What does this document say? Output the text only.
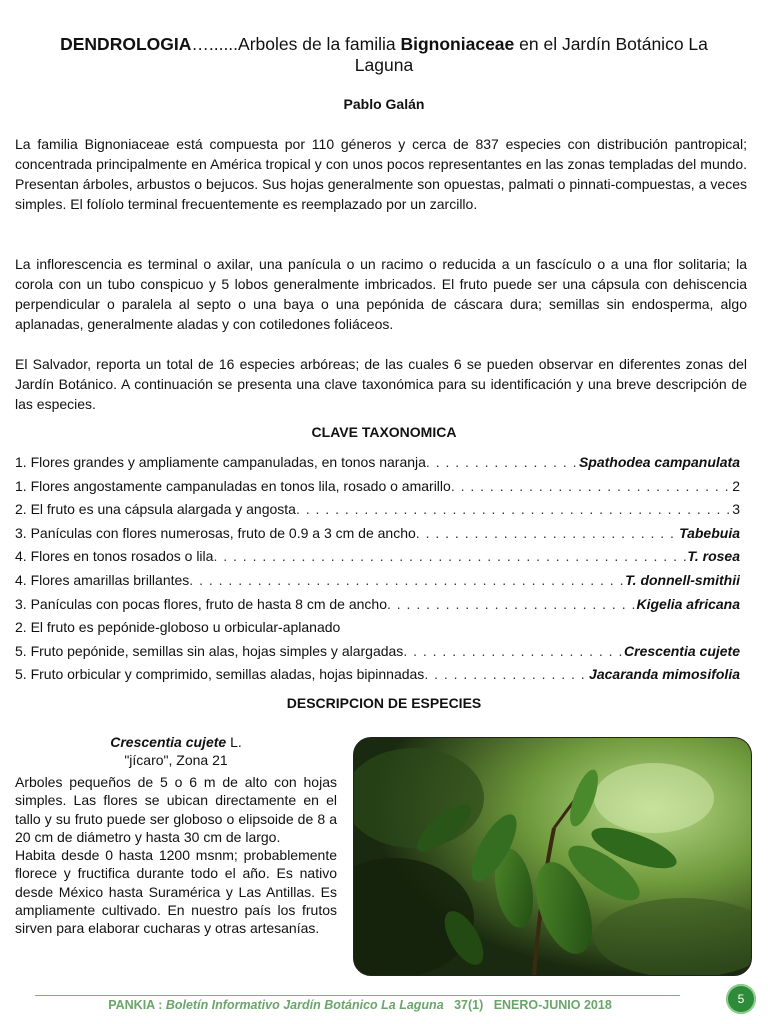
DENDROLOGIA…......Arboles de la familia Bignoniaceae en el Jardín Botánico La Laguna
Pablo Galán

La familia Bignoniaceae está compuesta por 110 géneros y cerca de 837 especies con distribución pantropical; concentrada principalmente en América tropical y con unos pocos representantes en las zonas templadas del mundo. Presentan árboles, arbustos o bejucos. Sus hojas generalmente son opuestas, palmati o pinnati-compuestas, a veces simples. El folíolo terminal frecuentemente es reemplazado por un zarcillo.

La inflorescencia es terminal o axilar, una panícula o un racimo o reducida a un fascículo o a una flor solitaria; la corola con un tubo conspicuo y 5 lobos generalmente imbricados. El fruto puede ser una cápsula con dehiscencia perpendicular o paralela al septo o una baya o una pepónida de cáscara dura; semillas sin endosperma, algo aplanadas, generalmente aladas y con cotiledones foliáceos.

El Salvador, reporta un total de 16 especies arbóreas; de las cuales 6 se pueden observar en diferentes zonas del Jardín Botánico. A continuación se presenta una clave taxonómica para su identificación y una breve descripción de las especies.

CLAVE TAXONOMICA
1. Flores grandes y ampliamente campanuladas, en tonos naranja . . .	Spathodea campanulata
1. Flores angostamente campanuladas en tonos lila, rosado o amarillo . . .	2
2. El fruto es una cápsula alargada y angosta . . .	3
3. Panículas con flores numerosas, fruto de 0.9 a 3 cm de ancho . . .	Tabebuia
4. Flores en tonos rosados o lila . . .	T. rosea
4. Flores amarillas brillantes . . .	T. donnell-smithii
3. Panículas con pocas flores, fruto de hasta 8 cm de ancho . . .	Kigelia africana
2. El fruto es pepónide-globoso u orbicular-aplanado
5. Fruto pepónide, semillas sin alas, hojas simples y alargadas . . .	Crescentia cujete
5. Fruto orbicular y comprimido, semillas aladas, hojas bipinnadas . . .	Jacaranda mimosifolia
DESCRIPCION DE ESPECIES
Crescentia cujete L.
"jícaro", Zona 21
Arboles pequeños de 5 o 6 m de alto con hojas simples. Las flores se ubican directamente en el tallo y su fruto puede ser globoso o elipsoide de 8 a 20 cm de diámetro y hasta 30 cm de largo.
Habita desde 0 hasta 1200 msnm; probablemente florece y fructifica durante todo el año. Es nativo desde México hasta Suramérica y Las Antillas. Es ampliamente cultivado. En nuestro país los frutos sirven para elaborar cucharas y otras artesanías.
PANKIA : Boletín Informativo Jardín Botánico La Laguna 37(1) ENERO-JUNIO 2018	5
